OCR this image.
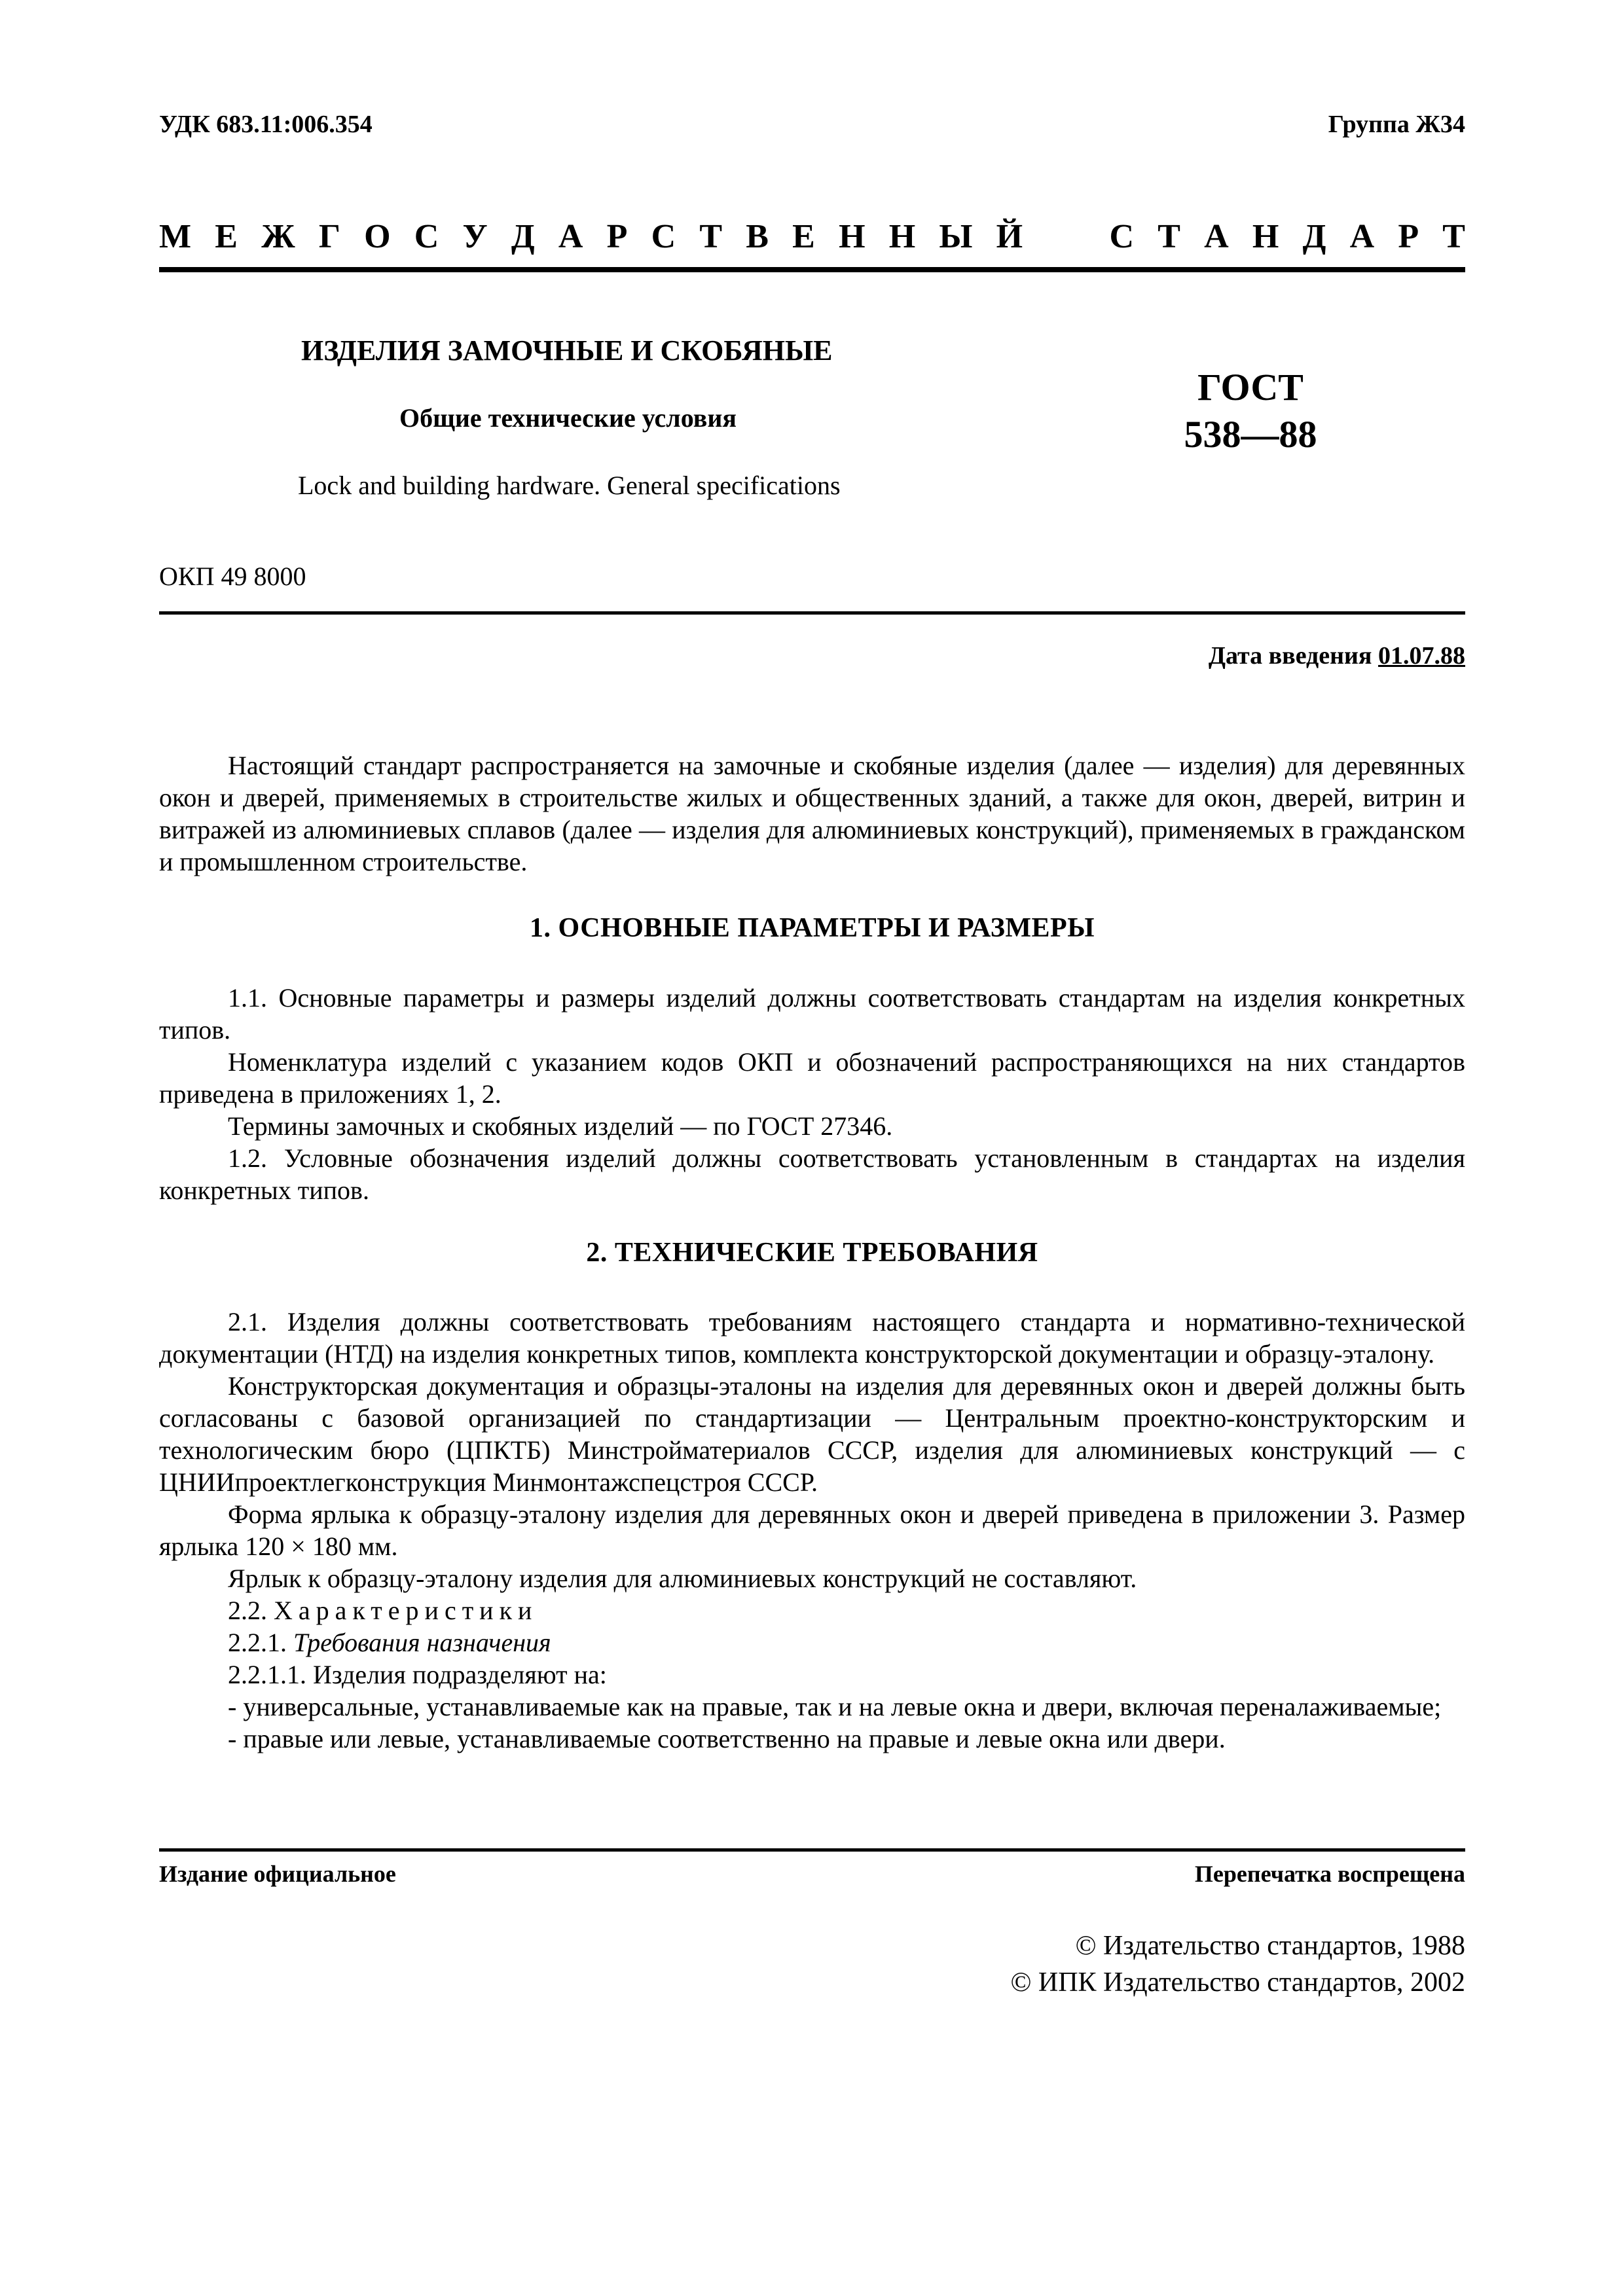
УДК 683.11:006.354	Группа Ж34
М Е Ж Г О С У Д А Р С Т В Е Н Н Ы Й	С Т А Н Д А Р Т
ИЗДЕЛИЯ ЗАМОЧНЫЕ И СКОБЯНЫЕ
Общие технические условия
Lock and building hardware. General specifications
ГОСТ
538—88
ОКП 49 8000
Дата введения 01.07.88

Настоящий стандарт распространяется на замочные и скобяные изделия (далее — изделия) для деревянных окон и дверей, применяемых в строительстве жилых и общественных зданий, а также для окон, дверей, витрин и витражей из алюминиевых сплавов (далее — изделия для алюминиевых конструкций), применяемых в гражданском и промышленном строительстве.

1. ОСНОВНЫЕ ПАРАМЕТРЫ И РАЗМЕРЫ

1.1. Основные параметры и размеры изделий должны соответствовать стандартам на изделия конкретных типов.

Номенклатура изделий с указанием кодов ОКП и обозначений распространяющихся на них стандартов приведена в приложениях 1, 2.

Термины замочных и скобяных изделий — по ГОСТ 27346.

1.2. Условные обозначения изделий должны соответствовать установленным в стандартах на изделия конкретных типов.

2. ТЕХНИЧЕСКИЕ ТРЕБОВАНИЯ

2.1. Изделия должны соответствовать требованиям настоящего стандарта и нормативно-технической документации (НТД) на изделия конкретных типов, комплекта конструкторской документации и образцу-эталону.

Конструкторская документация и образцы-эталоны на изделия для деревянных окон и дверей должны быть согласованы с базовой организацией по стандартизации — Центральным проектно-конструкторским и технологическим бюро (ЦПКТБ) Минстройматериалов СССР, изделия для алюминиевых конструкций — с ЦНИИпроектлегконструкция Минмонтажспецстроя СССР.

Форма ярлыка к образцу-эталону изделия для деревянных окон и дверей приведена в приложении 3. Размер ярлыка 120 × 180 мм.

Ярлык к образцу-эталону изделия для алюминиевых конструкций не составляют.

2.2. Характеристики

2.2.1. Требования назначения

2.2.1.1. Изделия подразделяют на:

- универсальные, устанавливаемые как на правые, так и на левые окна и двери, включая переналаживаемые;

- правые или левые, устанавливаемые соответственно на правые и левые окна или двери.

Издание официальное	Перепечатка воспрещена
© Издательство стандартов, 1988
© ИПК Издательство стандартов, 2002
